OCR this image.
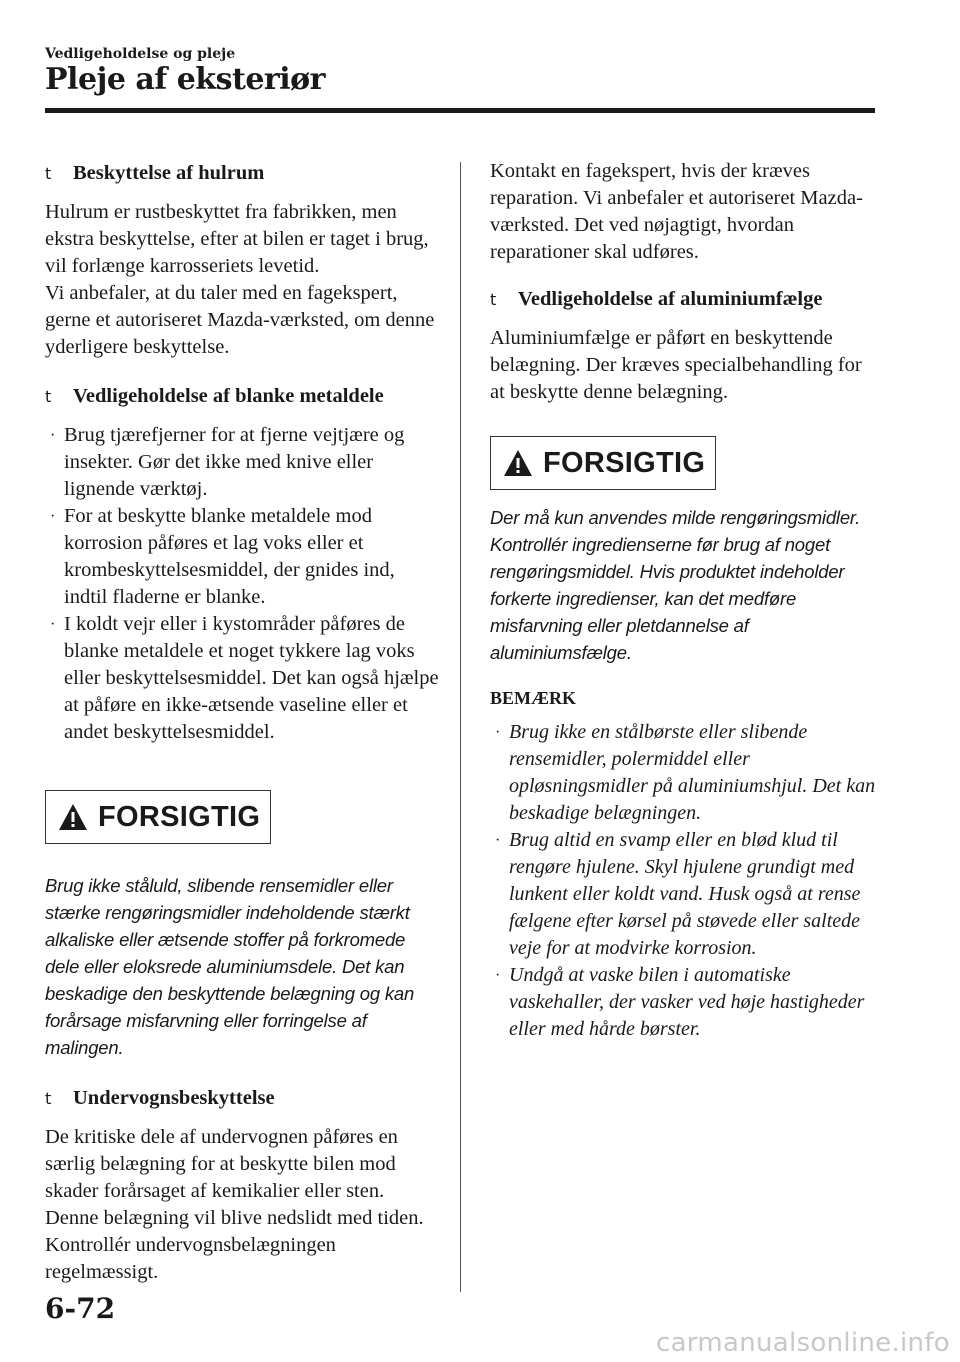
Vedligeholdelse og pleje
Pleje af eksteriør
t	Beskyttelse af hulrum

Hulrum er rustbeskyttet fra fabrikken, men ekstra beskyttelse, efter at bilen er taget i brug, vil forlænge karrosseriets levetid.

Vi anbefaler, at du taler med en fagekspert, gerne et autoriseret Mazda-værksted, om denne yderligere beskyttelse.

t	Vedligeholdelse af blanke metaldele
· Brug tjærefjerner for at fjerne vejtjære og insekter. Gør det ikke med knive eller lignende værktøj.
· For at beskytte blanke metaldele mod korrosion påføres et lag voks eller et krombeskyttelsesmiddel, der gnides ind, indtil fladerne er blanke.
· I koldt vejr eller i kystområder påføres de blanke metaldele et noget tykkere lag voks eller beskyttelsesmiddel. Det kan også hjælpe at påføre en ikke-ætsende vaseline eller et andet beskyttelsesmiddel.
FORSIGTIG

Brug ikke ståluld, slibende rensemidler eller stærke rengøringsmidler indeholdende stærkt alkaliske eller ætsende stoffer på forkromede dele eller eloksrede aluminiumsdele. Det kan beskadige den beskyttende belægning og kan forårsage misfarvning eller forringelse af malingen.

t	Undervognsbeskyttelse

De kritiske dele af undervognen påføres en særlig belægning for at beskytte bilen mod skader forårsaget af kemikalier eller sten. Denne belægning vil blive nedslidt med tiden. Kontrollér undervognsbelægningen regelmæssigt.

Kontakt en fagekspert, hvis der kræves reparation. Vi anbefaler et autoriseret Mazda-værksted. Det ved nøjagtigt, hvordan reparationer skal udføres.

t	Vedligeholdelse af aluminiumfælge

Aluminiumfælge er påført en beskyttende belægning. Der kræves specialbehandling for at beskytte denne belægning.

FORSIGTIG

Der må kun anvendes milde rengøringsmidler. Kontrollér ingredienserne før brug af noget rengøringsmiddel. Hvis produktet indeholder forkerte ingredienser, kan det medføre misfarvning eller pletdannelse af aluminiumsfælge.

BEMÆRK
· Brug ikke en stålbørste eller slibende rensemidler, polermiddel eller opløsningsmidler på aluminiumshjul. Det kan beskadige belægningen.
· Brug altid en svamp eller en blød klud til rengøre hjulene. Skyl hjulene grundigt med lunkent eller koldt vand. Husk også at rense fælgene efter kørsel på støvede eller saltede veje for at modvirke korrosion.
· Undgå at vaske bilen i automatiske vaskehaller, der vasker ved høje hastigheder eller med hårde børster.
6-72
carmanualsonline.info
